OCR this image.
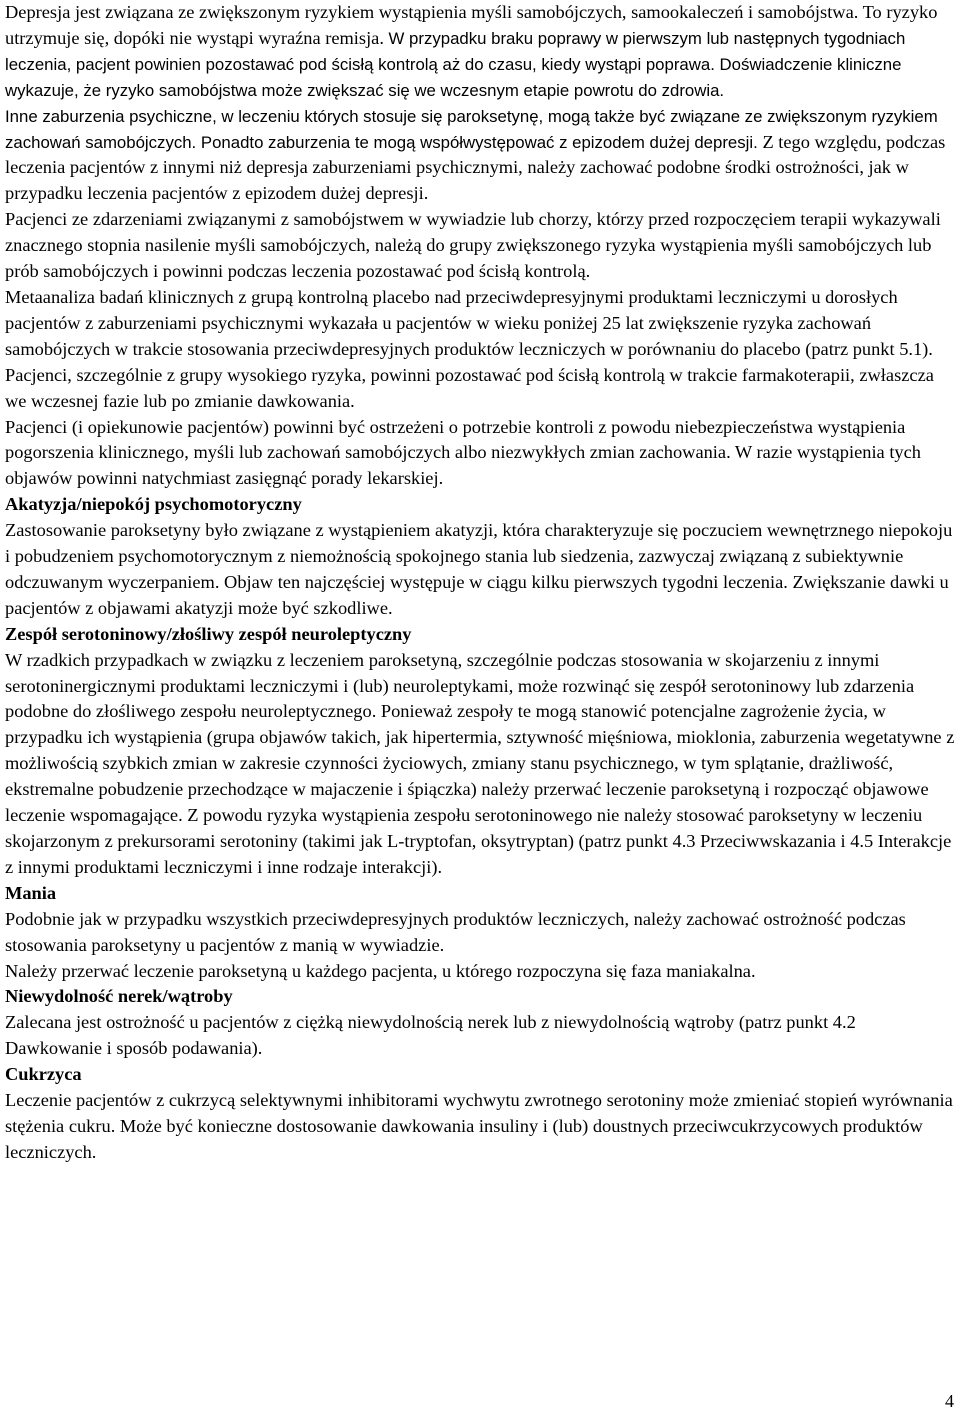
Depresja jest związana ze zwiększonym ryzykiem wystąpienia myśli samobójczych, samookaleczeń i samobójstwa. To ryzyko utrzymuje się, dopóki nie wystąpi wyraźna remisja. W przypadku braku poprawy w pierwszym lub następnych tygodniach leczenia, pacjent powinien pozostawać pod ścisłą kontrolą aż do czasu, kiedy wystąpi poprawa. Doświadczenie kliniczne wykazuje, że ryzyko samobójstwa może zwiększać się we wczesnym etapie powrotu do zdrowia.
Inne zaburzenia psychiczne, w leczeniu których stosuje się paroksetynę, mogą także być związane ze zwiększonym ryzykiem zachowań samobójczych. Ponadto zaburzenia te mogą współwystępować z epizodem dużej depresji. Z tego względu, podczas leczenia pacjentów z innymi niż depresja zaburzeniami psychicznymi, należy zachować podobne środki ostrożności, jak w przypadku leczenia pacjentów z epizodem dużej depresji.
Pacjenci ze zdarzeniami związanymi z samobójstwem w wywiadzie lub chorzy, którzy przed rozpoczęciem terapii wykazywali znacznego stopnia nasilenie myśli samobójczych, należą do grupy zwiększonego ryzyka wystąpienia myśli samobójczych lub prób samobójczych i powinni podczas leczenia pozostawać pod ścisłą kontrolą.
Metaanaliza badań klinicznych z grupą kontrolną placebo nad przeciwdepresyjnymi produktami leczniczymi u dorosłych pacjentów z zaburzeniami psychicznymi wykazała u pacjentów w wieku poniżej 25 lat zwiększenie ryzyka zachowań samobójczych w trakcie stosowania przeciwdepresyjnych produktów leczniczych w porównaniu do placebo (patrz punkt 5.1).
Pacjenci, szczególnie z grupy wysokiego ryzyka, powinni pozostawać pod ścisłą kontrolą w trakcie farmakoterapii, zwłaszcza we wczesnej fazie lub po zmianie dawkowania.
Pacjenci (i opiekunowie pacjentów) powinni być ostrzeżeni o potrzebie kontroli z powodu niebezpieczeństwa wystąpienia pogorszenia klinicznego, myśli lub zachowań samobójczych albo niezwykłych zmian zachowania. W razie wystąpienia tych objawów powinni natychmiast zasięgnąć porady lekarskiej.
Akatyzja/niepokój psychomotoryczny
Zastosowanie paroksetyny było związane z wystąpieniem akatyzji, która charakteryzuje się poczuciem wewnętrznego niepokoju i pobudzeniem psychomotorycznym z niemożnością spokojnego stania lub siedzenia, zazwyczaj związaną z subiektywnie odczuwanym wyczerpaniem. Objaw ten najczęściej występuje w ciągu kilku pierwszych tygodni leczenia. Zwiększanie dawki u pacjentów z objawami akatyzji może być szkodliwe.
Zespół serotoninowy/złośliwy zespół neuroleptyczny
W rzadkich przypadkach w związku z leczeniem paroksetyną, szczególnie podczas stosowania w skojarzeniu z innymi serotoninergicznymi produktami leczniczymi i (lub) neuroleptykami, może rozwinąć się zespół serotoninowy lub zdarzenia podobne do złośliwego zespołu neuroleptycznego. Ponieważ zespoły te mogą stanowić potencjalne zagrożenie życia, w przypadku ich wystąpienia (grupa objawów takich, jak hipertermia, sztywność mięśniowa, mioklonia, zaburzenia wegetatywne z możliwością szybkich zmian w zakresie czynności życiowych, zmiany stanu psychicznego, w tym splątanie, drażliwość, ekstremalne pobudzenie przechodzące w majaczenie i śpiączka) należy przerwać leczenie paroksetyną i rozpocząć objawowe leczenie wspomagające. Z powodu ryzyka wystąpienia zespołu serotoninowego nie należy stosować paroksetyny w leczeniu skojarzonym z prekursorami serotoniny (takimi jak L-tryptofan, oksytryptan) (patrz punkt 4.3 Przeciwwskazania i 4.5 Interakcje z innymi produktami leczniczymi i inne rodzaje interakcji).
Mania
Podobnie jak w przypadku wszystkich przeciwdepresyjnych produktów leczniczych, należy zachować ostrożność podczas stosowania paroksetyny u pacjentów z manią w wywiadzie.
Należy przerwać leczenie paroksetyną u każdego pacjenta, u którego rozpoczyna się faza maniakalna.
Niewydolność nerek/wątroby
Zalecana jest ostrożność u pacjentów z ciężką niewydolnością nerek lub z niewydolnością wątroby (patrz punkt 4.2 Dawkowanie i sposób podawania).
Cukrzyca
Leczenie pacjentów z cukrzycą selektywnymi inhibitorami wychwytu zwrotnego serotoniny może zmieniać stopień wyrównania stężenia cukru. Może być konieczne dostosowanie dawkowania insuliny i (lub) doustnych przeciwcukrzycowych produktów leczniczych.
4
